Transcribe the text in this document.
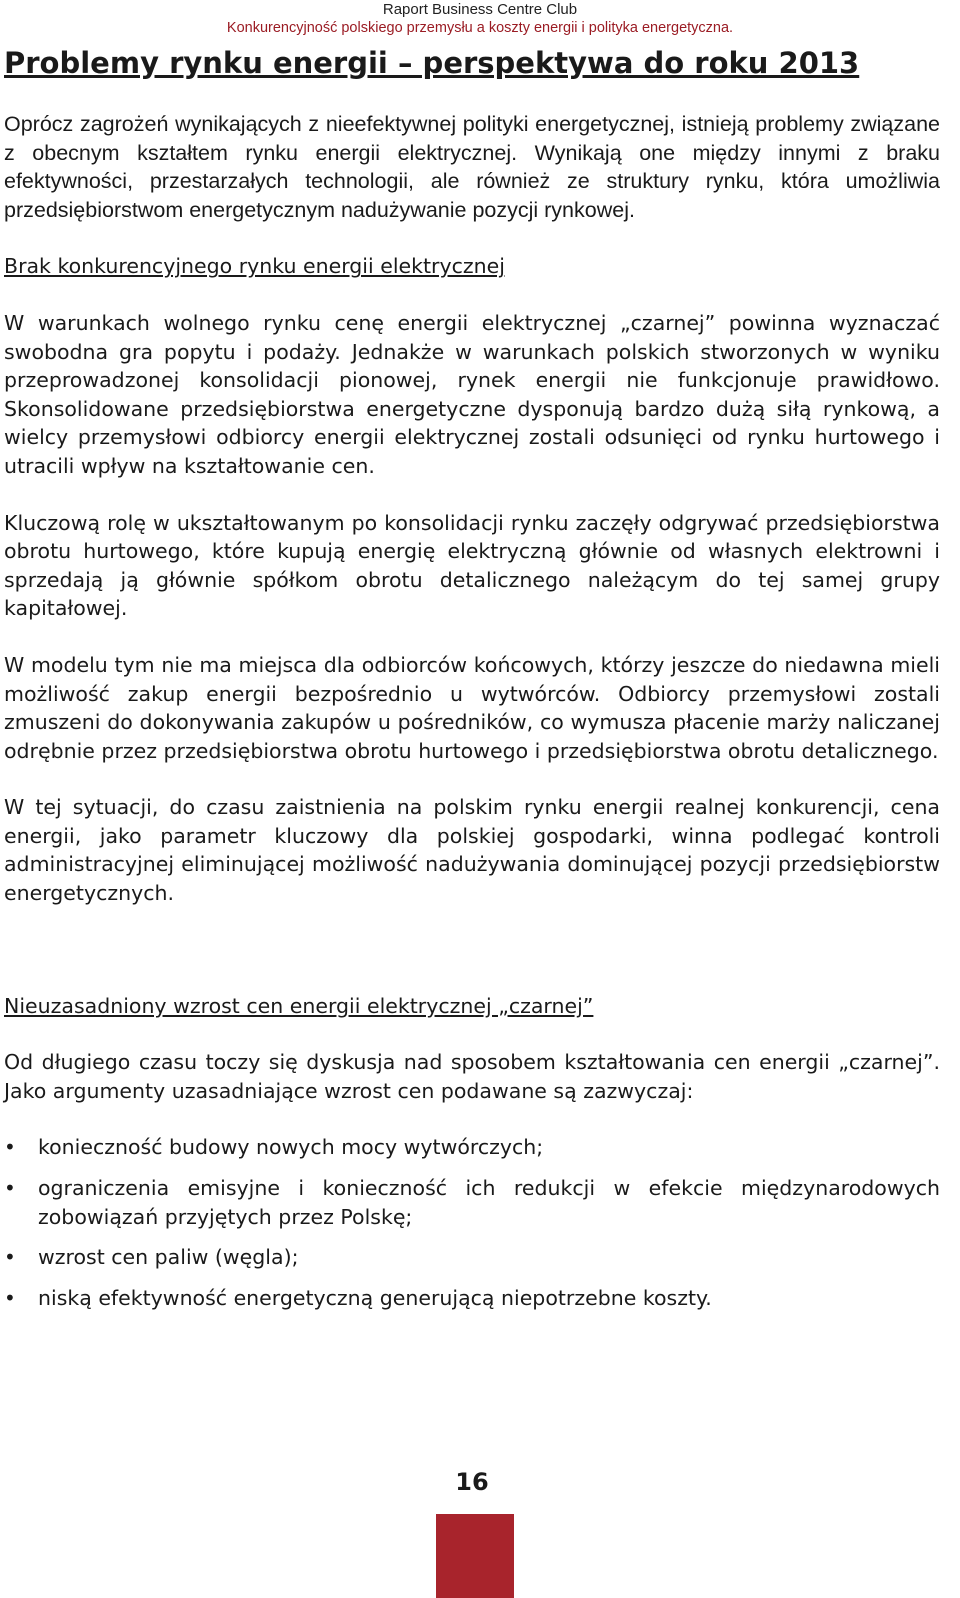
Raport Business Centre Club
Konkurencyjność polskiego przemysłu a koszty energii i polityka energetyczna.
Problemy rynku energii – perspektywa do roku 2013

Oprócz zagrożeń wynikających z nieefektywnej polityki energetycznej, istnieją problemy związane z obecnym kształtem rynku energii elektrycznej. Wynikają one między innymi z braku efektywności, przestarzałych technologii, ale również ze struktury rynku, która umożliwia przedsiębiorstwom energetycznym nadużywanie pozycji rynkowej.

Brak konkurencyjnego rynku energii elektrycznej

W warunkach wolnego rynku cenę energii elektrycznej „czarnej” powinna wyznaczać swobodna gra popytu i podaży. Jednakże w warunkach polskich stworzonych w wyniku przeprowadzonej konsolidacji pionowej, rynek energii nie funkcjonuje prawidłowo. Skonsolidowane przedsiębiorstwa energetyczne dysponują bardzo dużą siłą rynkową, a wielcy przemysłowi odbiorcy energii elektrycznej zostali odsunięci od rynku hurtowego i utracili wpływ na kształtowanie cen.

Kluczową rolę w ukształtowanym po konsolidacji rynku zaczęły odgrywać przedsiębiorstwa obrotu hurtowego, które kupują energię elektryczną głównie od własnych elektrowni i sprzedają ją głównie spółkom obrotu detalicznego należącym do tej samej grupy kapitałowej.

W modelu tym nie ma miejsca dla odbiorców końcowych, którzy jeszcze do niedawna mieli możliwość zakup energii bezpośrednio u wytwórców. Odbiorcy przemysłowi zostali zmuszeni do dokonywania zakupów u pośredników, co wymusza płacenie marży naliczanej odrębnie przez przedsiębiorstwa obrotu hurtowego i przedsiębiorstwa obrotu detalicznego.

W tej sytuacji, do czasu zaistnienia na polskim rynku energii realnej konkurencji, cena energii, jako parametr kluczowy dla polskiej gospodarki, winna podlegać kontroli administracyjnej eliminującej możliwość nadużywania dominującej pozycji przedsiębiorstw energetycznych.

Nieuzasadniony wzrost cen energii elektrycznej „czarnej”

Od długiego czasu toczy się dyskusja nad sposobem kształtowania cen energii „czarnej”. Jako argumenty uzasadniające wzrost cen podawane są zazwyczaj:

• konieczność budowy nowych mocy wytwórczych;
• ograniczenia emisyjne i konieczność ich redukcji w efekcie międzynarodowych zobowiązań przyjętych przez Polskę;
• wzrost cen paliw (węgla);
• niską efektywność energetyczną generującą niepotrzebne koszty.
16
